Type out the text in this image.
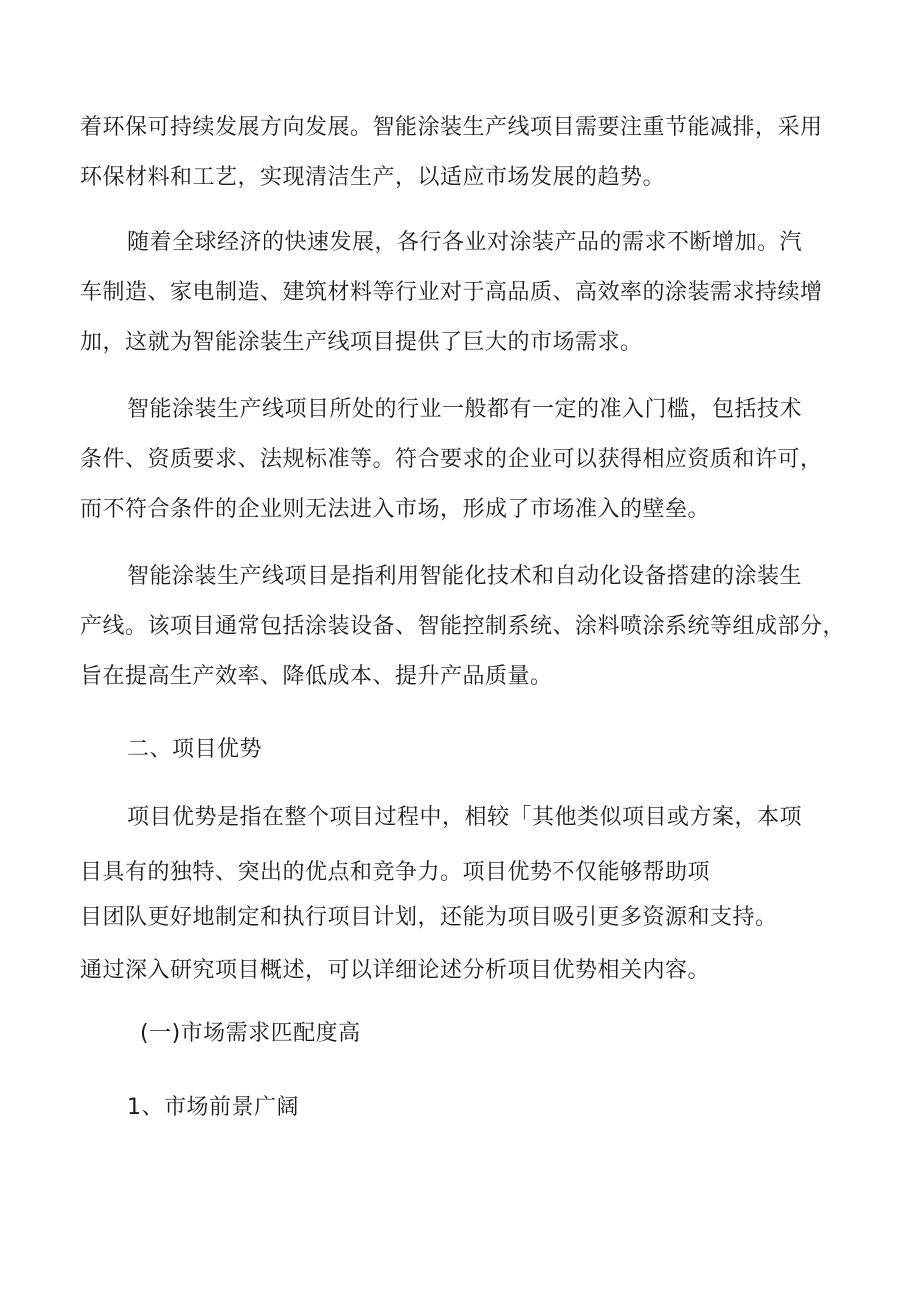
着环保可持续发展方向发展。智能涂装生产线项目需要注重节能减排，采用
环保材料和工艺，实现清洁生产，以适应市场发展的趋势。
随着全球经济的快速发展，各行各业对涂装产品的需求不断增加。汽
车制造、家电制造、建筑材料等行业对于高品质、高效率的涂装需求持续增
加，这就为智能涂装生产线项目提供了巨大的市场需求。
智能涂装生产线项目所处的行业一般都有一定的准入门槛，包括技术
条件、资质要求、法规标准等。符合要求的企业可以获得相应资质和许可，
而不符合条件的企业则无法进入市场，形成了市场准入的壁垒。
智能涂装生产线项目是指利用智能化技术和自动化设备搭建的涂装生
产线。该项目通常包括涂装设备、智能控制系统、涂料喷涂系统等组成部分，
旨在提高生产效率、降低成本、提升产品质量。
二、项目优势
项目优势是指在整个项目过程中，相较「其他类似项目或方案，本项
目具有的独特、突出的优点和竞争力。项目优势不仅能够帮助项
目团队更好地制定和执行项目计划，还能为项目吸引更多资源和支持。
通过深入研究项目概述，可以详细论述分析项目优势相关内容。
(一)市场需求匹配度高
1、市场前景广阔
